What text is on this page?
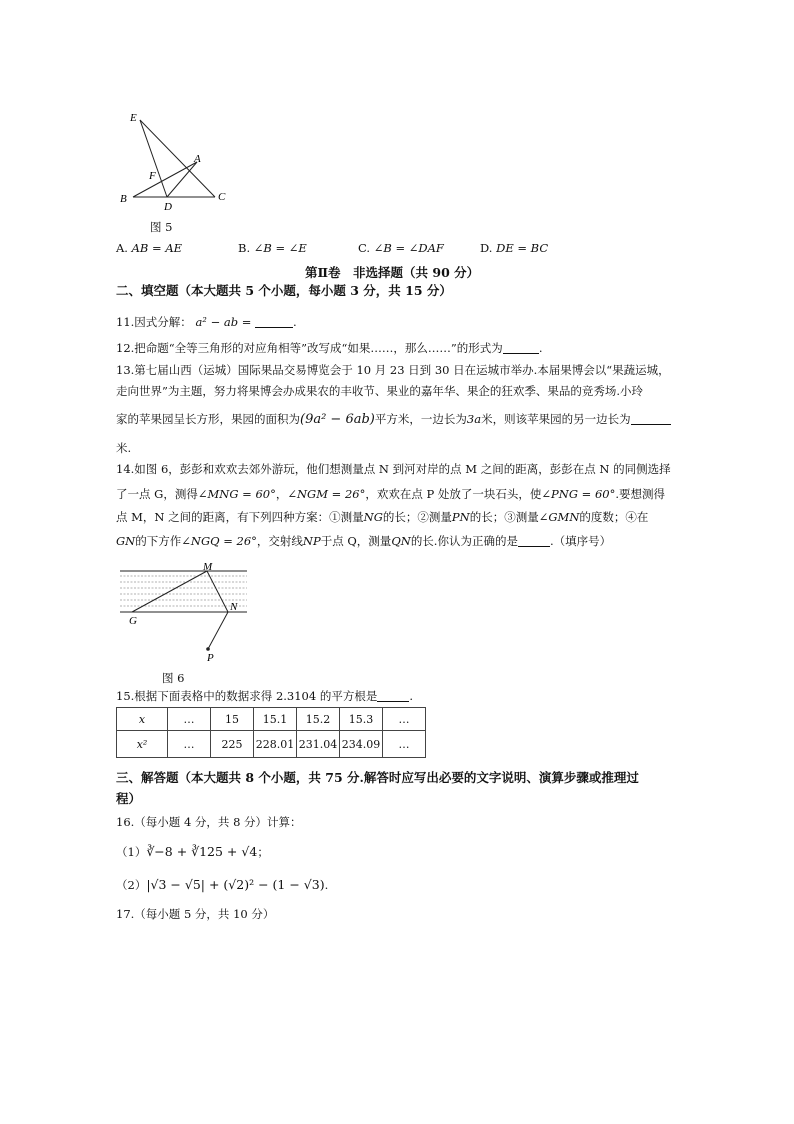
E
A
F
B
D
C
图 5
A. AB = AE	B. ∠B = ∠E	C. ∠B = ∠DAF	D. DE = BC
第Ⅱ卷　非选择题（共 90 分）
二、填空题（本大题共 5 个小题，每小题 3 分，共 15 分）
11.因式分解： a² − ab =	.
12.把命题“全等三角形的对应角相等”改写成“如果……，那么……”的形式为	.
13.第七届山西（运城）国际果品交易博览会于 10 月 23 日到 30 日在运城市举办.本届果博会以“果蔬运城，
走向世界”为主题，努力将果博会办成果农的丰收节、果业的嘉年华、果企的狂欢季、果品的竞秀场.小玲
家的苹果园呈长方形，果园的面积为(9a² − 6ab)平方米，一边长为3a米，则该苹果园的另一边长为
米.
14.如图 6，彭彭和欢欢去郊外游玩，他们想测量点 N 到河对岸的点 M 之间的距离，彭彭在点 N 的同侧选择
了一点 G，测得∠MNG = 60°，∠NGM = 26°，欢欢在点 P 处放了一块石头，使∠PNG = 60°.要想测得
点 M，N 之间的距离，有下列四种方案：①测量NG的长；②测量PN的长；③测量∠GMN的度数；④在
GN的下方作∠NGQ = 26°，交射线NP于点 Q，测量QN的长.你认为正确的是	.（填序号）
M
N
G
P
图 6
15.根据下面表格中的数据求得 2.3104 的平方根是	.
x	…	15	15.1	15.2	15.3	…
x²	…	225	228.01	231.04	234.09	…
三、解答题（本大题共 8 个小题，共 75 分.解答时应写出必要的文字说明、演算步骤或推理过
程）
16.（每小题 4 分，共 8 分）计算：
（1）∛−8 + ∛125 + √4；
（2）|√3 − √5| + (√2)² − (1 − √3).
17.（每小题 5 分，共 10 分）
